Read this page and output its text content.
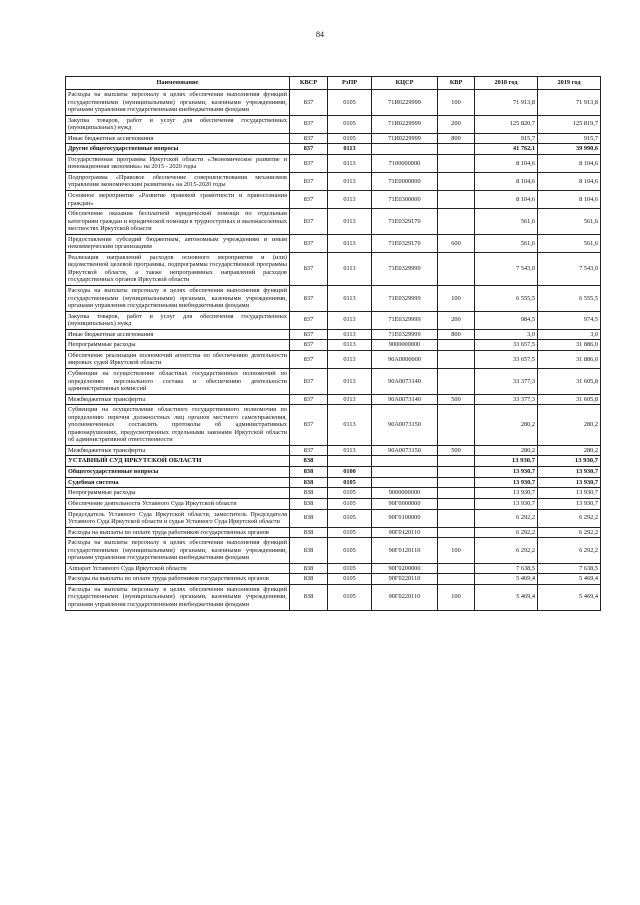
84
Наименование	КВСР	РзПР	КЦСР	КВР	2018 год	2019 год
Расходы на выплаты персоналу в целях обеспечения выполнения функций государственными (муниципальными) органами, казенными учреждениями, органами управления государственными внебюджетными фондами	837	0105	71И0229999	100	71 913,8	71 913,8
Закупка товаров, работ и услуг для обеспечения государственных (муниципальных) нужд	837	0105	71И0229999	200	125 820,7	125 819,7
Иные бюджетные ассигнования	837	0105	71И0229999	800	915,7	915,7
Другие общегосударственные вопросы	837	0113			41 762,1	39 990,6
Государственная программа Иркутской области «Экономическое развитие и инновационная экономика» на 2015 - 2020 годы	837	0113	7100000000		8 104,6	8 104,6
Подпрограмма «Правовое обеспечение совершенствования механизмов управления экономическим развитием» на 2015-2020 годы	837	0113	71Е0000000		8 104,6	8 104,6
Основное мероприятие «Развитие правовой грамотности и правосознания граждан»	837	0113	71Е0300000		8 104,6	8 104,6
Обеспечение оказания бесплатной юридической помощи по отдельным категориям граждан и юридической помощи в трудноступных и малонаселенных местностях Иркутской области	837	0113	71Е0329170		561,6	561,6
Предоставление субсидий бюджетным, автономным учреждениям и иным некоммерческим организациям	837	0113	71Е0329170	600	561,6	561,6
Реализация направлений расходов основного мероприятия и (или) ведомственной целевой программы, подпрограммы государственной программы Иркутской области, а также непрограммных направлений расходов государственных органов Иркутской области	837	0113	71Е0329999		7 543,0	7 543,0
Расходы на выплаты персоналу в целях обеспечения выполнения функций государственными (муниципальными) органами, казенными учреждениями, органами управления государственными внебюджетными фондами	837	0113	71Е0329999	100	6 555,5	6 555,5
Закупка товаров, работ и услуг для обеспечения государственных (муниципальных) нужд	837	0113	71Е0329999	200	984,5	974,5
Иные бюджетные ассигнования	837	0113	71Е0329999	800	3,0	3,0
Непрограммные расходы	837	0113	9000000000		33 657,5	31 886,0
Обеспечение реализации полномочий агентства по обеспечению деятельности мировых судей Иркутской области	837	0113	90А0000000		33 657,5	31 886,0
Субвенции на осуществление областных государственных полномочий по определению персонального состава и обеспечению деятельности административных комиссий	837	0113	90А0073140		33 377,3	31 605,8
Межбюджетные трансферты	837	0113	90А0073140	500	33 377,3	31 605,8
Субвенции на осуществление областного государственного полномочия по определению перечня должностных лиц органов местного самоуправления, уполномоченных составлять протоколы об административных правонарушениях, предусмотренных отдельными законами Иркутской области об административной ответственности	837	0113	90А0073150		280,2	280,2
Межбюджетные трансферты	837	0113	90А0073150	500	280,2	280,2
УСТАВНЫЙ СУД ИРКУТСКОЙ ОБЛАСТИ	838				13 930,7	13 930,7
Общегосударственные вопросы	838	0100			13 930,7	13 930,7
Судебная система	838	0105			13 930,7	13 930,7
Непрограммные расходы	838	0105	9000000000		13 930,7	13 930,7
Обеспечение деятельности Уставного Суда Иркутской области	838	0105	90Г0000000		13 930,7	13 930,7
Председатель Уставного Суда Иркутской области, заместитель Председателя Уставного Суда Иркутской области и судьи Уставного Суда Иркутской области	838	0105	90Г0100000		6 292,2	6 292,2
Расходы на выплаты по оплате труда работников государственных органов	838	0105	90Г0120110		6 292,2	6 292,2
Расходы на выплаты персоналу в целях обеспечения выполнения функций государственными (муниципальными) органами, казенными учреждениями, органами управления государственными внебюджетными фондами	838	0105	90Г0120110	100	6 292,2	6 292,2
Аппарат Уставного Суда Иркутской области	838	0105	90Г0200000		7 638,5	7 638,5
Расходы на выплаты по оплате труда работников государственных органов	838	0105	90Г0220110		5 469,4	5 469,4
Расходы на выплаты персоналу в целях обеспечения выполнения функций государственными (муниципальными) органами, казенными учреждениями, органами управления государственными внебюджетными фондами	838	0105	90Г0220110	100	5 469,4	5 469,4
